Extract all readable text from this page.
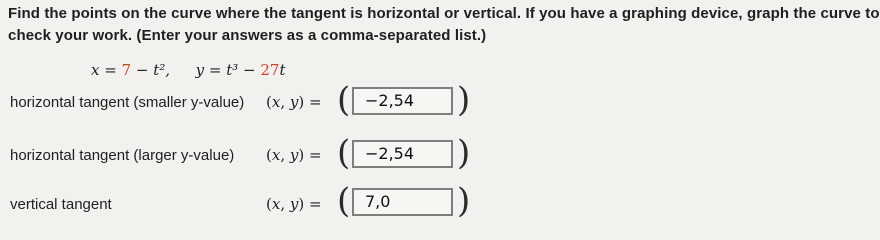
Find the points on the curve where the tangent is horizontal or vertical. If you have a graphing device, graph the curve to
check your work. (Enter your answers as a comma-separated list.)
x = 7 − t², y = t³ − 27t
horizontal tangent (smaller y-value) (x, y) = ( −2,54	)
horizontal tangent (larger y-value) (x, y) = ( −2,54	)
vertical tangent	(x, y) = ( 7,0	)
